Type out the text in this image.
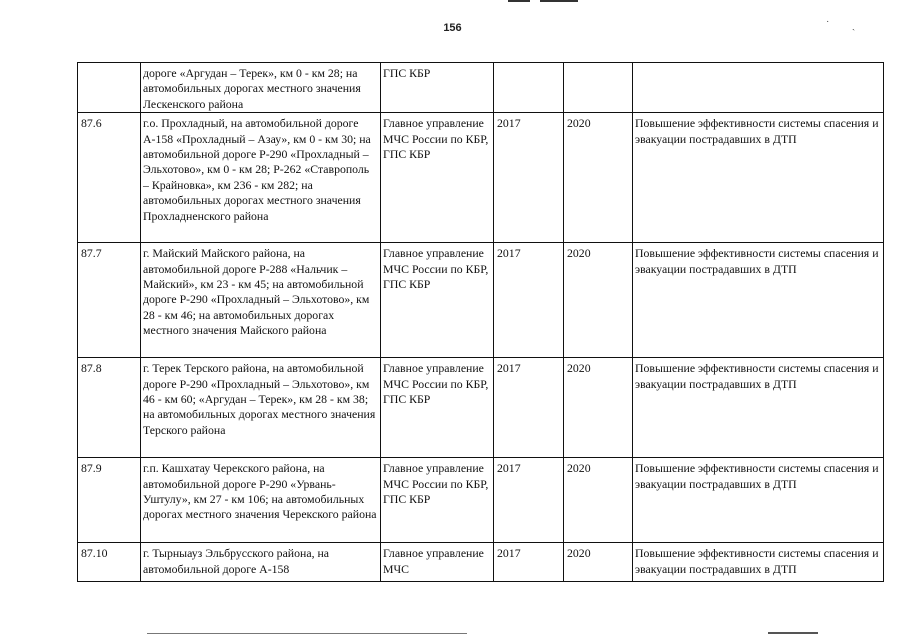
156	˙ ˏ
	дороге «Аргудан – Терек», км 0 - км 28; на автомобильных дорогах местного значения Лескенского района	ГПС КБР			
87.6	г.о. Прохладный, на автомобильной дороге А-158 «Прохладный – Азау», км 0 - км 30; на автомобильной дороге Р-290 «Прохладный – Эльхотово», км 0 - км 28; Р-262 «Ставрополь – Крайновка», км 236 - км 282; на автомобильных дорогах местного значения Прохладненского района	Главное управление МЧС России по КБР, ГПС КБР	2017	2020	Повышение эффективности системы спасения и эвакуации пострадавших в ДТП
87.7	г. Майский Майского района, на автомобильной дороге Р-288 «Нальчик – Майский», км 23 - км 45; на автомобильной дороге Р-290 «Прохладный – Эльхотово», км 28 - км 46; на автомобильных дорогах местного значения Майского района	Главное управление МЧС России по КБР, ГПС КБР	2017	2020	Повышение эффективности системы спасения и эвакуации пострадавших в ДТП
87.8	г. Терек Терского района, на автомобильной дороге Р-290 «Прохладный – Эльхотово», км 46 - км 60; «Аргудан – Терек», км 28 - км 38; на автомобильных дорогах местного значения Терского района	Главное управление МЧС России по КБР, ГПС КБР	2017	2020	Повышение эффективности системы спасения и эвакуации пострадавших в ДТП
87.9	г.п. Кашхатау Черекского района, на автомобильной дороге Р-290 «Урвань-Уштулу», км 27 - км 106; на автомобильных дорогах местного значения Черекского района	Главное управление МЧС России по КБР, ГПС КБР	2017	2020	Повышение эффективности системы спасения и эвакуации пострадавших в ДТП
87.10	г. Тырныауз Эльбрусского района, на автомобильной дороге А-158	Главное управление МЧС	2017	2020	Повышение эффективности системы спасения и эвакуации пострадавших в ДТП
